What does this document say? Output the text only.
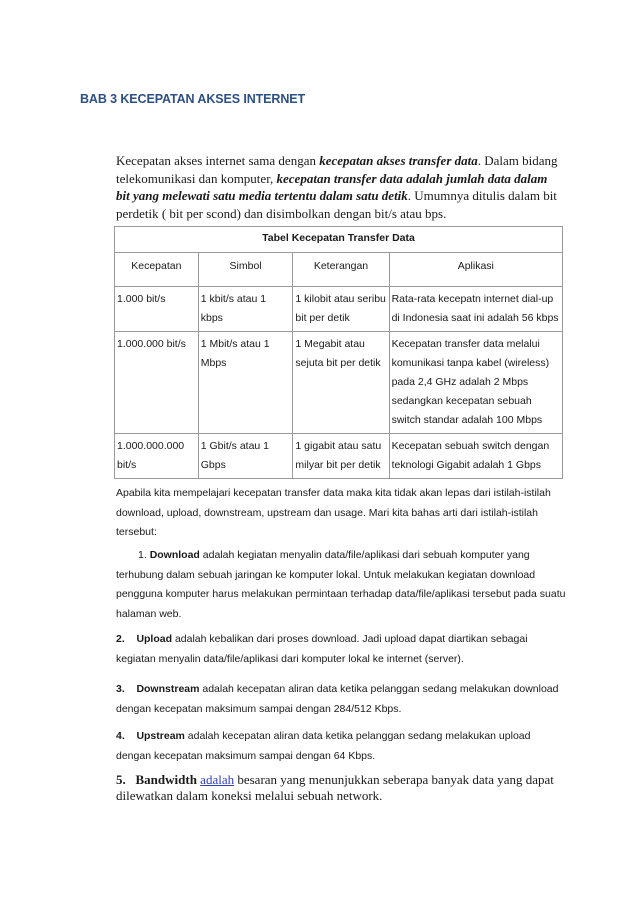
BAB 3 KECEPATAN AKSES INTERNET

Kecepatan akses internet sama dengan kecepatan akses transfer data. Dalam bidang telekomunikasi dan komputer, kecepatan transfer data adalah jumlah data dalam bit yang melewati satu media tertentu dalam satu detik. Umumnya ditulis dalam bit perdetik ( bit per scond) dan disimbolkan dengan bit/s atau bps.

Tabel Kecepatan Transfer Data			
Kecepatan	Simbol	Keterangan	Aplikasi
1.000 bit/s	1 kbit/s atau 1 kbps	1 kilobit atau seribu bit per detik	Rata-rata kecepatn internet dial-up di Indonesia saat ini adalah 56 kbps
1.000.000 bit/s	1 Mbit/s atau 1 Mbps	1 Megabit atau sejuta bit per detik	Kecepatan transfer data melalui komunikasi tanpa kabel (wireless) pada 2,4 GHz adalah 2 Mbps sedangkan kecepatan sebuah switch standar adalah 100 Mbps
1.000.000.000 bit/s	1 Gbit/s atau 1 Gbps	1 gigabit atau satu milyar bit per detik	Kecepatan sebuah switch dengan teknologi Gigabit adalah 1 Gbps

Apabila kita mempelajari kecepatan transfer data maka kita tidak akan lepas dari istilah-istilah download, upload, downstream, upstream dan usage. Mari kita bahas arti dari istilah-istilah tersebut:

1. Download adalah kegiatan menyalin data/file/aplikasi dari sebuah komputer yang terhubung dalam sebuah jaringan ke komputer lokal. Untuk melakukan kegiatan download pengguna komputer harus melakukan permintaan terhadap data/file/aplikasi tersebut pada suatu halaman web.

2. Upload adalah kebalikan dari proses download. Jadi upload dapat diartikan sebagai kegiatan menyalin data/file/aplikasi dari komputer lokal ke internet (server).

3. Downstream adalah kecepatan aliran data ketika pelanggan sedang melakukan download dengan kecepatan maksimum sampai dengan 284/512 Kbps.

4. Upstream adalah kecepatan aliran data ketika pelanggan sedang melakukan upload dengan kecepatan maksimum sampai dengan 64 Kbps.

5. Bandwidth adalah besaran yang menunjukkan seberapa banyak data yang dapat dilewatkan dalam koneksi melalui sebuah network.
